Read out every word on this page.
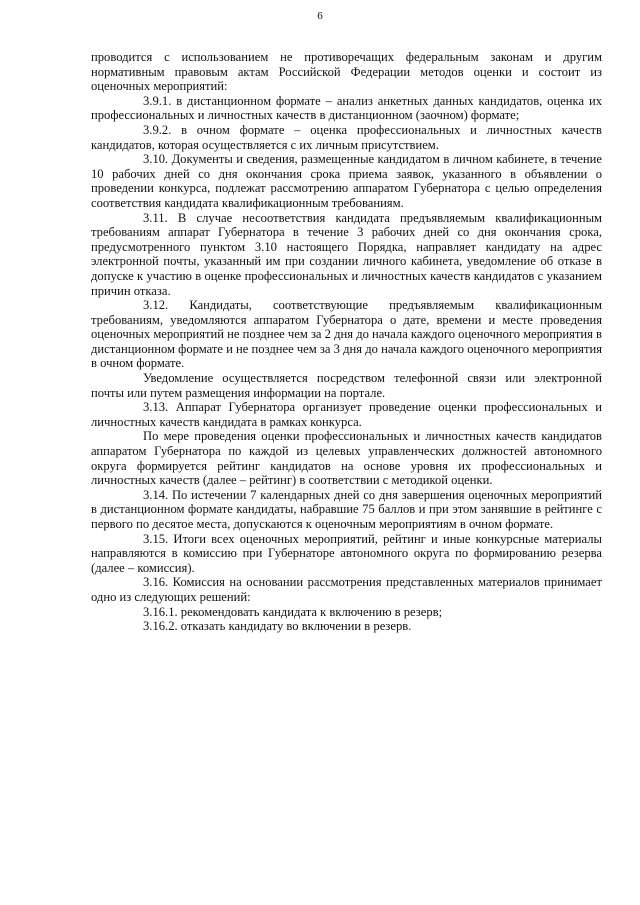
6

проводится с использованием не противоречащих федеральным законам и другим нормативным правовым актам Российской Федерации методов оценки и состоит из оценочных мероприятий:

3.9.1. в дистанционном формате – анализ анкетных данных кандидатов, оценка их профессиональных и личностных качеств в дистанционном (заочном) формате;

3.9.2. в очном формате – оценка профессиональных и личностных качеств кандидатов, которая осуществляется с их личным присутствием.

3.10. Документы и сведения, размещенные кандидатом в личном кабинете, в течение 10 рабочих дней со дня окончания срока приема заявок, указанного в объявлении о проведении конкурса, подлежат рассмотрению аппаратом Губернатора с целью определения соответствия кандидата квалификационным требованиям.

3.11. В случае несоответствия кандидата предъявляемым квалификационным требованиям аппарат Губернатора в течение 3 рабочих дней со дня окончания срока, предусмотренного пунктом 3.10 настоящего Порядка, направляет кандидату на адрес электронной почты, указанный им при создании личного кабинета, уведомление об отказе в допуске к участию в оценке профессиональных и личностных качеств кандидатов с указанием причин отказа.

3.12. Кандидаты, соответствующие предъявляемым квалификационным требованиям, уведомляются аппаратом Губернатора о дате, времени и месте проведения оценочных мероприятий не позднее чем за 2 дня до начала каждого оценочного мероприятия в дистанционном формате и не позднее чем за 3 дня до начала каждого оценочного мероприятия в очном формате.

Уведомление осуществляется посредством телефонной связи или электронной почты или путем размещения информации на портале.

3.13. Аппарат Губернатора организует проведение оценки профессиональных и личностных качеств кандидата в рамках конкурса.

По мере проведения оценки профессиональных и личностных качеств кандидатов аппаратом Губернатора по каждой из целевых управленческих должностей автономного округа формируется рейтинг кандидатов на основе уровня их профессиональных и личностных качеств (далее – рейтинг) в соответствии с методикой оценки.

3.14. По истечении 7 календарных дней со дня завершения оценочных мероприятий в дистанционном формате кандидаты, набравшие 75 баллов и при этом занявшие в рейтинге с первого по десятое места, допускаются к оценочным мероприятиям в очном формате.

3.15. Итоги всех оценочных мероприятий, рейтинг и иные конкурсные материалы направляются в комиссию при Губернаторе автономного округа по формированию резерва (далее – комиссия).

3.16. Комиссия на основании рассмотрения представленных материалов принимает одно из следующих решений:

3.16.1. рекомендовать кандидата к включению в резерв;

3.16.2. отказать кандидату во включении в резерв.
